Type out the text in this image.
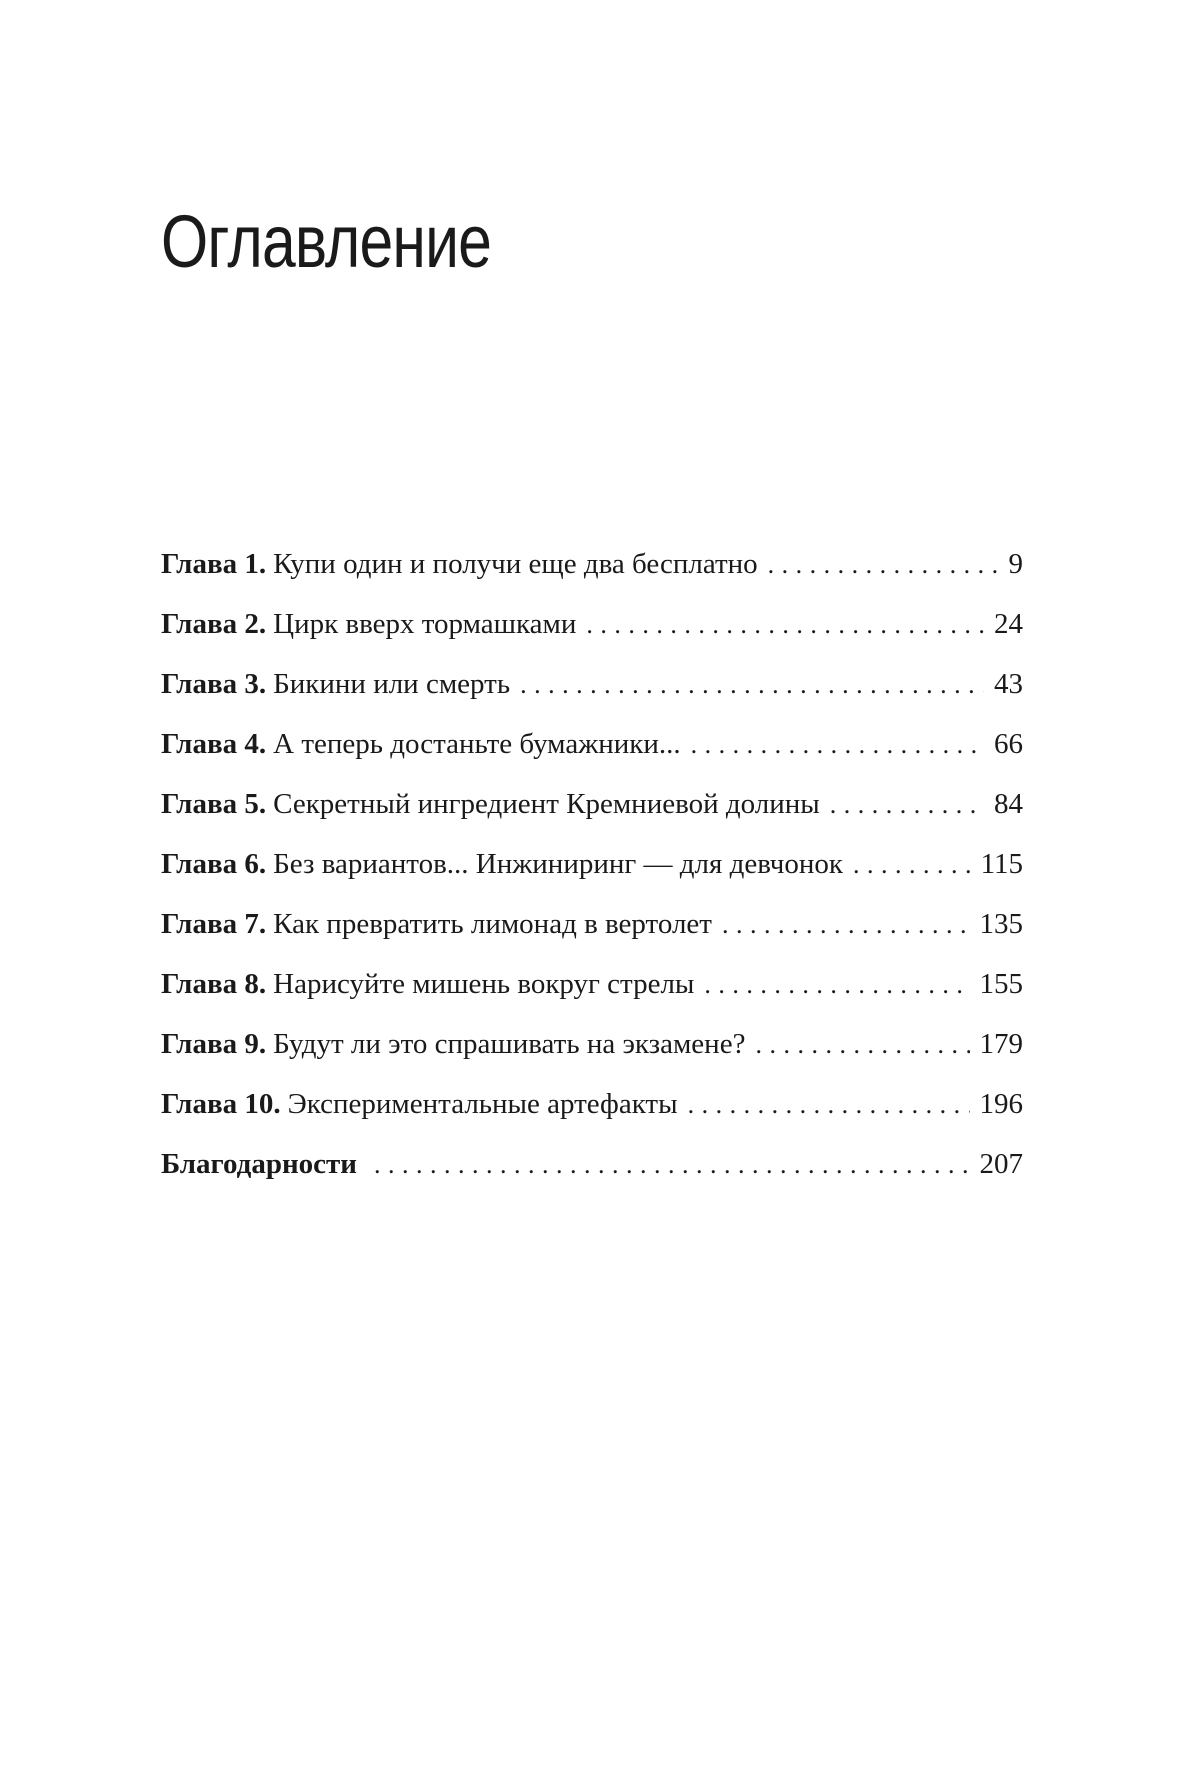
Оглавление
Глава 1. Купи один и получи еще два бесплатно . . .	9
Глава 2. Цирк вверх тормашками . . .	24
Глава 3. Бикини или смерть . . .	43
Глава 4. А теперь достаньте бумажники... . . .	66
Глава 5. Секретный ингредиент Кремниевой долины . . .	84
Глава 6. Без вариантов... Инжиниринг — для девчонок . . .	115
Глава 7. Как превратить лимонад в вертолет . . .	135
Глава 8. Нарисуйте мишень вокруг стрелы . . .	155
Глава 9. Будут ли это спрашивать на экзамене? . . .	179
Глава 10. Экспериментальные артефакты . . .	196
Благодарности . . .	207
